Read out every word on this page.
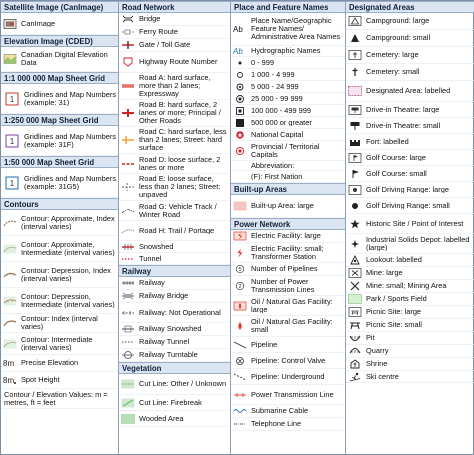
Satellite Image (CanImage)
CanImage
Elevation Image (CDED)
Canadian Digital Elevation Data
1:1 000 000 Map Sheet Grid
1
Gridlines and Map Numbers (example: 31)
1:250 000 Map Sheet Grid
1
Gridlines and Map Numbers (example: 31F)
1:50 000 Map Sheet Grid
1
Gridlines and Map Numbers (example: 31G5)
Contours
Contour: Approximate, Index (interval varies)
Contour: Approximate, Intermediate (interval varies)
Contour: Depression, Index (interval varies)
Contour: Depression, Intermediate (interval varies)
Contour: Index (interval varies)
Contour: Intermediate (interval varies)
8m Precise Elevation
8m Spot Height
Contour / Elevation Values: m = metres, ft = feet
Road Network
Bridge
Ferry Route
Gate / Toll Gate
Highway Route Number
Road A: hard surface, more than 2 lanes; Expressway
Road B: hard surface, 2 lanes or more; Principal / Other Roads
Road C: hard surface, less than 2 lanes; Street: hard surface
Road D: loose surface, 2 lanes or more
Road E: loose surface, less than 2 lanes; Street: unpaved
Road G: Vehicle Track / Winter Road
Road H: Trail / Portage
Snowshed
Tunnel
Railway
Railway
Railway Bridge
Railway: Not Operational
Railway Snowshed
Railway Tunnel
Railway Turntable
Vegetation
Cut Line: Other / Unknown
Cut Line: Firebreak
Wooded Area
Place and Feature Names
Ab
Place Name/Geographic Feature Names/ Administrative Area Names
Ab Hydrographic Names
0 - 999
1 000 - 4 999
5 000 - 24 999
25 000 - 99 999
100 000 - 499 999
500 000 or greater
National Capital
Provincial / Territorial Capitals
Abbreviation:
(F): First Nation
Built-up Areas
Built-up Area: large
Power Network
Electric Facility: large
Electric Facility: small; Transformer Station
5 Number of Pipelines
2
Number of Power Transmission Lines
Oil / Natural Gas Facility: large
Oil / Natural Gas Facility: small
Pipeline
Pipeline: Control Valve
Pipeline: Underground
Power Transmission Line
Submarine Cable
Telephone Line
Designated Areas
Campground: large
Campground: small
Cemetery: large
Cemetery: small
Designated Area: labelled
Drive-in Theatre: large
Drive-in Theatre: small
Fort: labelled
Golf Course: large
Golf Course: small
Golf Driving Range: large
Golf Driving Range: small
Historic Site / Point of Interest
Industrial Solids Depot: labelled (large)
Lookout: labelled
Mine: large
Mine: small; Mining Area
Park / Sports Field
Picnic Site: large
Picnic Site: small
Pit
Quarry
Shrine
Ski centre
